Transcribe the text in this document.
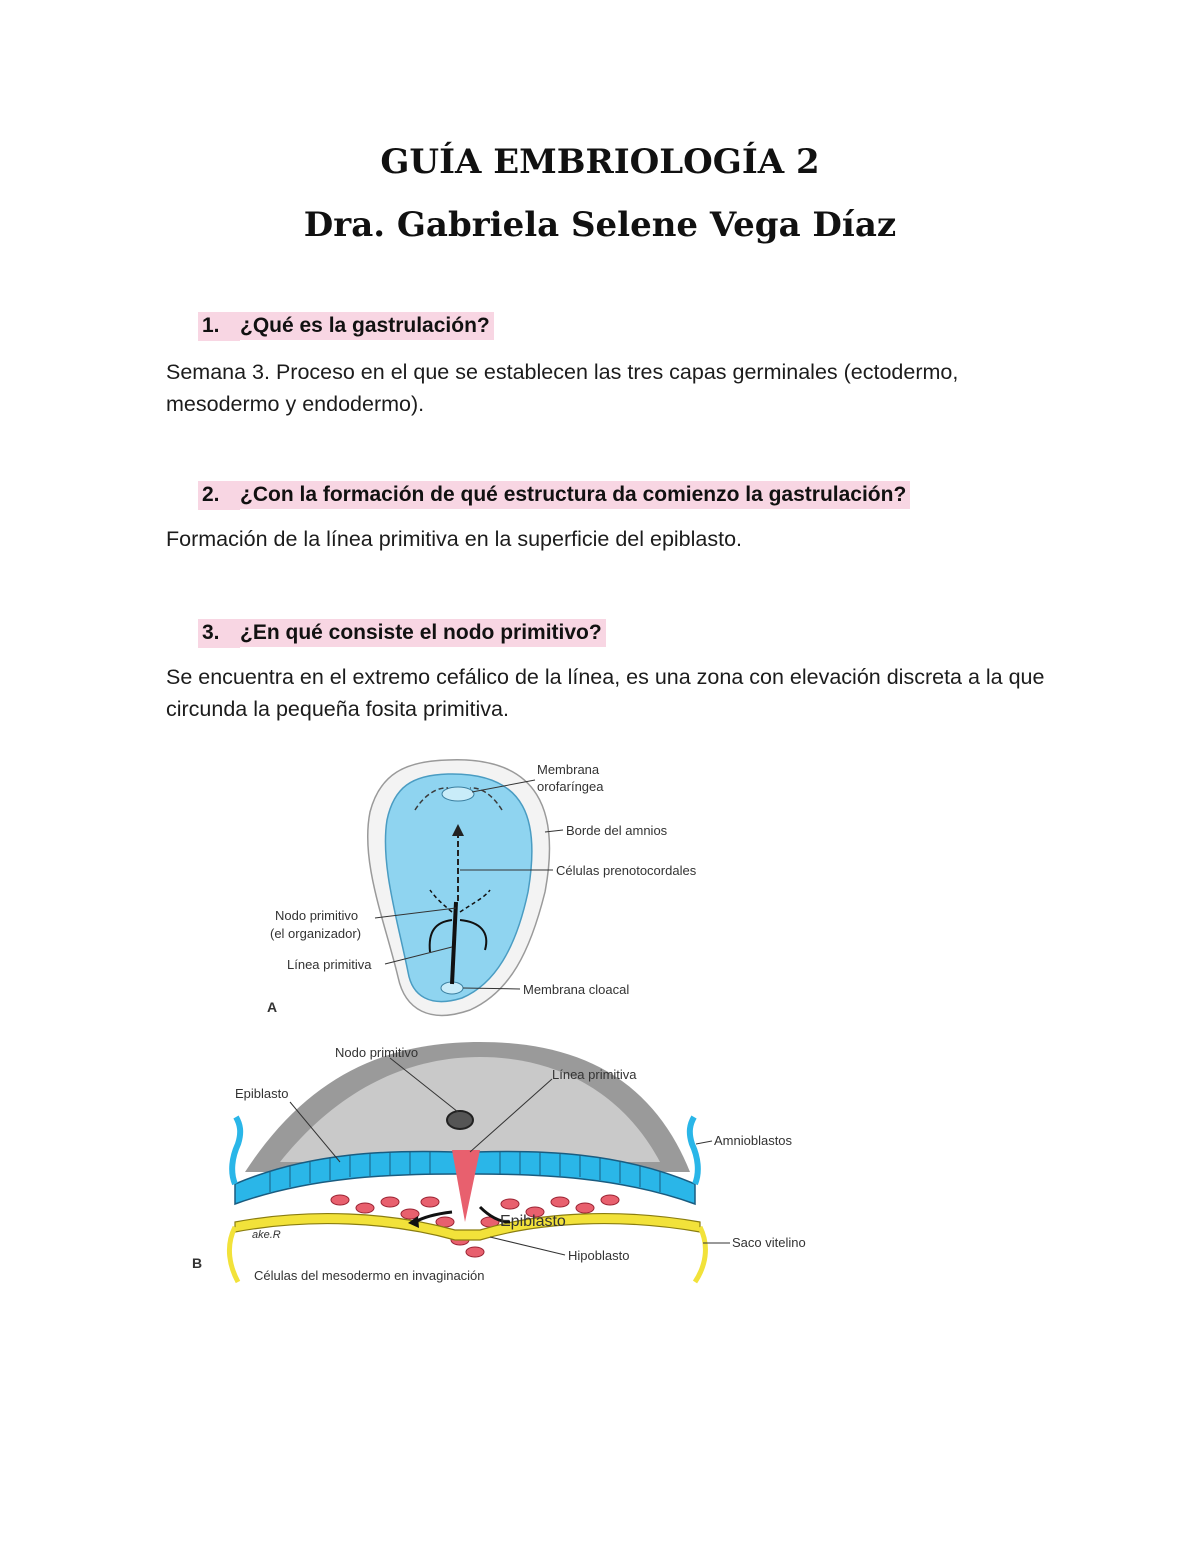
GUÍA EMBRIOLOGÍA 2
Dra. Gabriela Selene Vega Díaz
1. ¿Qué es la gastrulación?

Semana 3. Proceso en el que se establecen las tres capas germinales (ectodermo, mesodermo y endodermo).

2. ¿Con la formación de qué estructura da comienzo la gastrulación?

Formación de la línea primitiva en la superficie del epiblasto.

3. ¿En qué consiste el nodo primitivo?

Se encuentra en el extremo cefálico de la línea, es una zona con elevación discreta a la que circunda la pequeña fosita primitiva.

Membrana
orofaríngea
Borde del amnios
Células prenotocordales
Nodo primitivo
(el organizador)
Línea primitiva
Membrana cloacal
A
Nodo primitivo
Línea primitiva
Epiblasto
Amnioblastos
Epiblasto
Saco vitelino
Hipoblasto
Células del mesodermo en invaginación
ake.R
B
